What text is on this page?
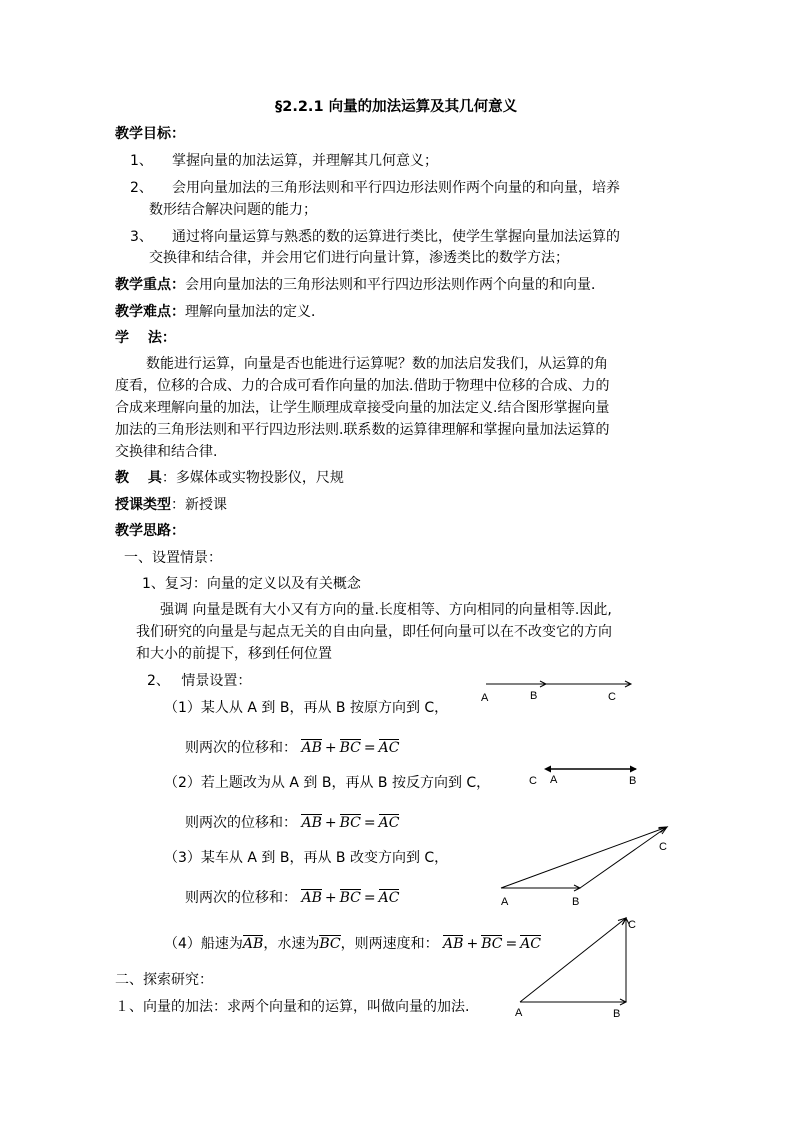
§2.2.1 向量的加法运算及其几何意义
教学目标：
1、 掌握向量的加法运算，并理解其几何意义；
2、 会用向量加法的三角形法则和平行四边形法则作两个向量的和向量，培养
数形结合解决问题的能力；
3、 通过将向量运算与熟悉的数的运算进行类比，使学生掌握向量加法运算的
交换律和结合律，并会用它们进行向量计算，渗透类比的数学方法；
教学重点：会用向量加法的三角形法则和平行四边形法则作两个向量的和向量．
教学难点：理解向量加法的定义．
学　 法：
数能进行运算，向量是否也能进行运算呢？数的加法启发我们，从运算的角
度看，位移的合成、力的合成可看作向量的加法.借助于物理中位移的合成、力的
合成来理解向量的加法，让学生顺理成章接受向量的加法定义.结合图形掌握向量
加法的三角形法则和平行四边形法则.联系数的运算律理解和掌握向量加法运算的
交换律和结合律.
教　 具：多媒体或实物投影仪，尺规
授课类型：新授课
教学思路：
一、设置情景：
1、复习：向量的定义以及有关概念
强调 向量是既有大小又有方向的量.长度相等、方向相同的向量相等.因此,
我们研究的向量是与起点无关的自由向量，即任何向量可以在不改变它的方向
和大小的前提下，移到任何位置
2、　 情景设置：
（1）某人从 A 到 B，再从 B 按原方向到 C，
则两次的位移和： AB + BC = AC
（2）若上题改为从 A 到 B，再从 B 按反方向到 C，
则两次的位移和： AB + BC = AC
（3）某车从 A 到 B，再从 B 改变方向到 C，
则两次的位移和： AB + BC = AC
（4）船速为AB，水速为BC，则两速度和： AB + BC = AC
二、探索研究：
１、向量的加法：求两个向量和的运算，叫做向量的加法.
A	B	C
C A	B
A	B
C
A	B
C
